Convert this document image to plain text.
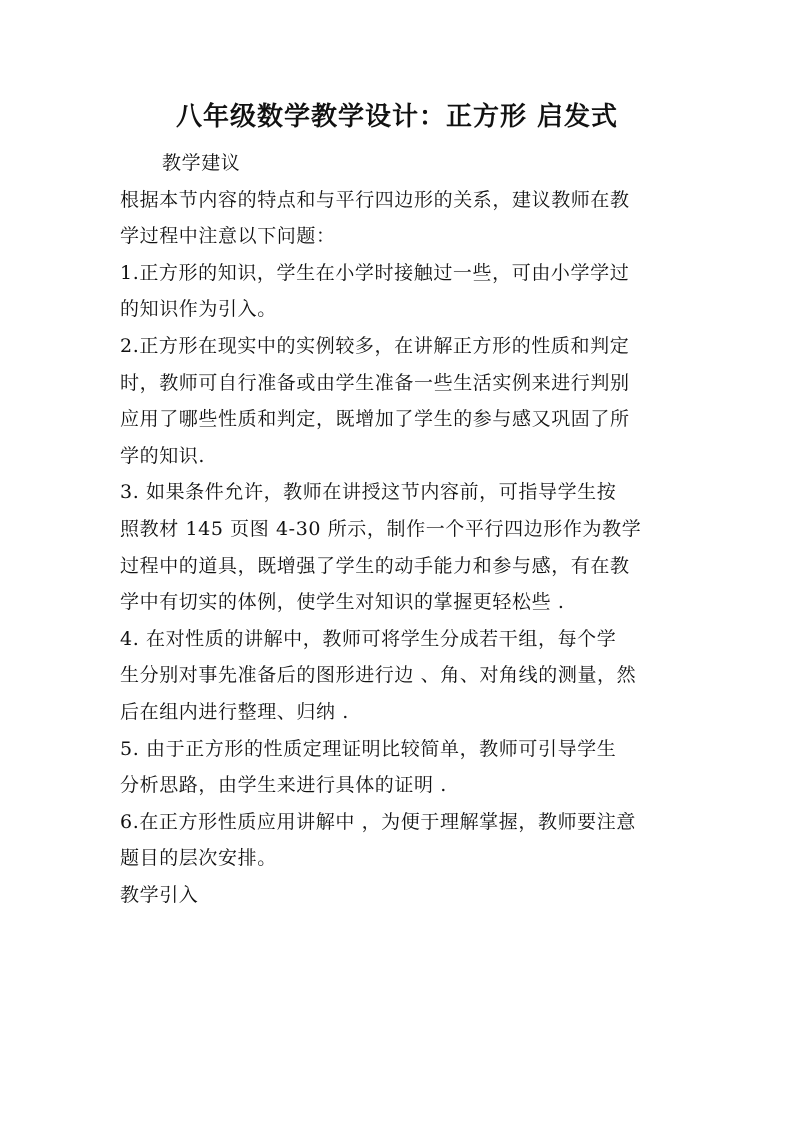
八年级数学教学设计：正方形 启发式
教学建议
根据本节内容的特点和与平行四边形的关系，建议教师在教
学过程中注意以下问题：
1.正方形的知识，学生在小学时接触过一些，可由小学学过
的知识作为引入。
2.正方形在现实中的实例较多，在讲解正方形的性质和判定
时，教师可自行准备或由学生准备一些生活实例来进行判别
应用了哪些性质和判定，既增加了学生的参与感又巩固了所
学的知识.
3. 如果条件允许，教师在讲授这节内容前，可指导学生按
照教材 145 页图 4-30 所示，制作一个平行四边形作为教学
过程中的道具，既增强了学生的动手能力和参与感，有在教
学中有切实的体例，使学生对知识的掌握更轻松些 .
4. 在对性质的讲解中，教师可将学生分成若干组，每个学
生分别对事先准备后的图形进行边 、角、对角线的测量，然
后在组内进行整理、归纳 .
5. 由于正方形的性质定理证明比较简单，教师可引导学生
分析思路，由学生来进行具体的证明 .
6.在正方形性质应用讲解中 ，为便于理解掌握，教师要注意
题目的层次安排。
教学引入
